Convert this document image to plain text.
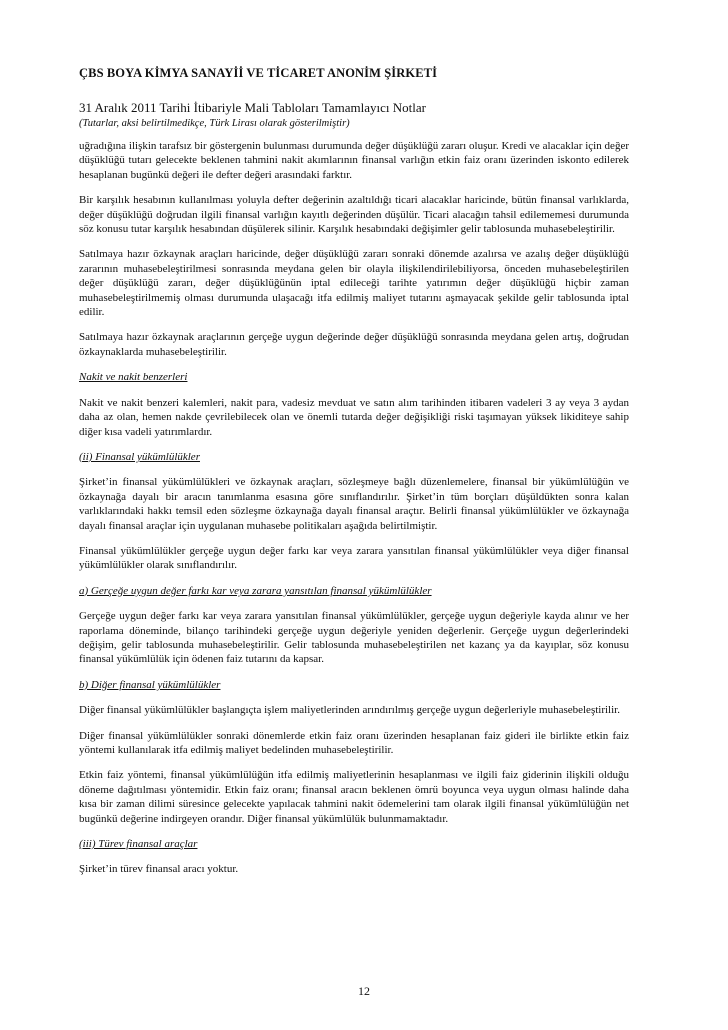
ÇBS BOYA KİMYA SANAYİİ VE TİCARET ANONİM ŞİRKETİ
31 Aralık 2011 Tarihi İtibariyle Mali Tabloları Tamamlayıcı Notlar
(Tutarlar, aksi belirtilmedikçe, Türk Lirası olarak gösterilmiştir)

uğradığına ilişkin tarafsız bir göstergenin bulunması durumunda değer düşüklüğü zararı oluşur. Kredi ve alacaklar için değer düşüklüğü tutarı gelecekte beklenen tahmini nakit akımlarının finansal varlığın etkin faiz oranı üzerinden iskonto edilerek hesaplanan bugünkü değeri ile defter değeri arasındaki farktır.

Bir karşılık hesabının kullanılması yoluyla defter değerinin azaltıldığı ticari alacaklar haricinde, bütün finansal varlıklarda, değer düşüklüğü doğrudan ilgili finansal varlığın kayıtlı değerinden düşülür. Ticari alacağın tahsil edilememesi durumunda söz konusu tutar karşılık hesabından düşülerek silinir. Karşılık hesabındaki değişimler gelir tablosunda muhasebeleştirilir.

Satılmaya hazır özkaynak araçları haricinde, değer düşüklüğü zararı sonraki dönemde azalırsa ve azalış değer düşüklüğü zararının muhasebeleştirilmesi sonrasında meydana gelen bir olayla ilişkilendirilebiliyorsa, önceden muhasebeleştirilen değer düşüklüğü zararı, değer düşüklüğünün iptal edileceği tarihte yatırımın değer düşüklüğü hiçbir zaman muhasebeleştirilmemiş olması durumunda ulaşacağı itfa edilmiş maliyet tutarını aşmayacak şekilde gelir tablosunda iptal edilir.

Satılmaya hazır özkaynak araçlarının gerçeğe uygun değerinde değer düşüklüğü sonrasında meydana gelen artış, doğrudan özkaynaklarda muhasebeleştirilir.

Nakit ve nakit benzerleri

Nakit ve nakit benzeri kalemleri, nakit para, vadesiz mevduat ve satın alım tarihinden itibaren vadeleri 3 ay veya 3 aydan daha az olan, hemen nakde çevrilebilecek olan ve önemli tutarda değer değişikliği riski taşımayan yüksek likiditeye sahip diğer kısa vadeli yatırımlardır.

(ii) Finansal yükümlülükler

Şirket’in finansal yükümlülükleri ve özkaynak araçları, sözleşmeye bağlı düzenlemelere, finansal bir yükümlülüğün ve özkaynağa dayalı bir aracın tanımlanma esasına göre sınıflandırılır. Şirket’in tüm borçları düşüldükten sonra kalan varlıklarındaki hakkı temsil eden sözleşme özkaynağa dayalı finansal araçtır. Belirli finansal yükümlülükler ve özkaynağa dayalı finansal araçlar için uygulanan muhasebe politikaları aşağıda belirtilmiştir.

Finansal yükümlülükler gerçeğe uygun değer farkı kar veya zarara yansıtılan finansal yükümlülükler veya diğer finansal yükümlülükler olarak sınıflandırılır.

a) Gerçeğe uygun değer farkı kar veya zarara yansıtılan finansal yükümlülükler

Gerçeğe uygun değer farkı kar veya zarara yansıtılan finansal yükümlülükler, gerçeğe uygun değeriyle kayda alınır ve her raporlama döneminde, bilanço tarihindeki gerçeğe uygun değeriyle yeniden değerlenir. Gerçeğe uygun değerlerindeki değişim, gelir tablosunda muhasebeleştirilir. Gelir tablosunda muhasebeleştirilen net kazanç ya da kayıplar, söz konusu finansal yükümlülük için ödenen faiz tutarını da kapsar.

b) Diğer finansal yükümlülükler

Diğer finansal yükümlülükler başlangıçta işlem maliyetlerinden arındırılmış gerçeğe uygun değerleriyle muhasebeleştirilir.

Diğer finansal yükümlülükler sonraki dönemlerde etkin faiz oranı üzerinden hesaplanan faiz gideri ile birlikte etkin faiz yöntemi kullanılarak itfa edilmiş maliyet bedelinden muhasebeleştirilir.

Etkin faiz yöntemi, finansal yükümlülüğün itfa edilmiş maliyetlerinin hesaplanması ve ilgili faiz giderinin ilişkili olduğu döneme dağıtılması yöntemidir. Etkin faiz oranı; finansal aracın beklenen ömrü boyunca veya uygun olması halinde daha kısa bir zaman dilimi süresince gelecekte yapılacak tahmini nakit ödemelerini tam olarak ilgili finansal yükümlülüğün net bugünkü değerine indirgeyen orandır. Diğer finansal yükümlülük bulunmamaktadır.

(iii) Türev finansal araçlar

Şirket’in türev finansal aracı yoktur.

12
